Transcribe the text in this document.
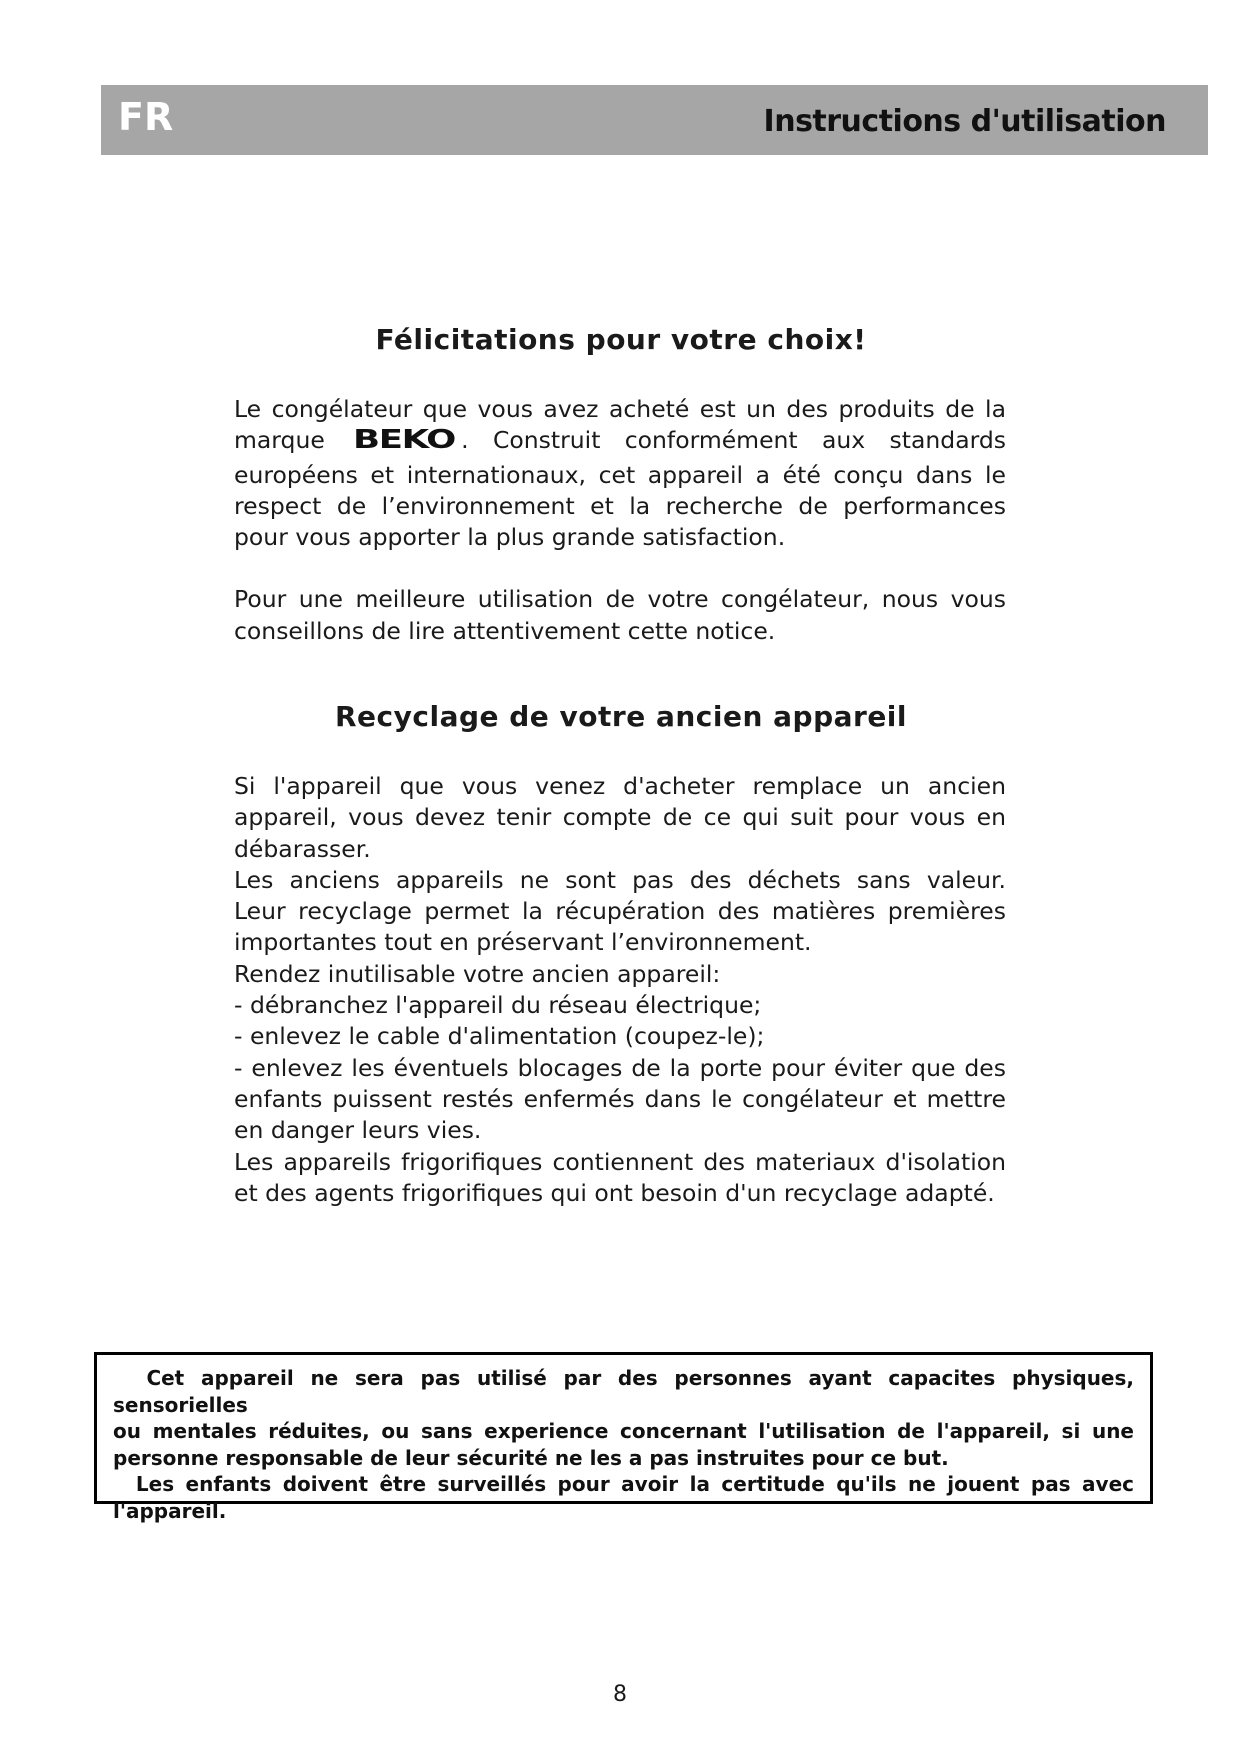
FR	Instructions d'utilisation
Félicitations pour votre choix!

Le congélateur que vous avez acheté est un des produits de la
marque BEKO . Construit conformément aux standards
européens et internationaux, cet appareil a été conçu dans le
respect de l’environnement et la recherche de performances
pour vous apporter la plus grande satisfaction.

Pour une meilleure utilisation de votre congélateur, nous vous
conseillons de lire attentivement cette notice.

Recyclage de votre ancien appareil

Si l'appareil que vous venez d'acheter remplace un ancien
appareil, vous devez tenir compte de ce qui suit pour vous en
débarasser.
Les anciens appareils ne sont pas des déchets sans valeur.
Leur recyclage permet la récupération des matières premières
importantes tout en préservant l’environnement.
Rendez inutilisable votre ancien appareil:
- débranchez l'appareil du réseau électrique;
- enlevez le cable d'alimentation (coupez-le);
- enlevez les éventuels blocages de la porte pour éviter que des
enfants puissent restés enfermés dans le congélateur et mettre
en danger leurs vies.
Les appareils frigorifiques contiennent des materiaux d'isolation
et des agents frigorifiques qui ont besoin d'un recyclage adapté.

Cet appareil ne sera pas utilisé par des personnes ayant capacites physiques, sensorielles
ou mentales réduites, ou sans experience concernant l'utilisation de l'appareil, si une
personne responsable de leur sécurité ne les a pas instruites pour ce but.
Les enfants doivent être surveillés pour avoir la certitude qu'ils ne jouent pas avec
l'appareil.

8
